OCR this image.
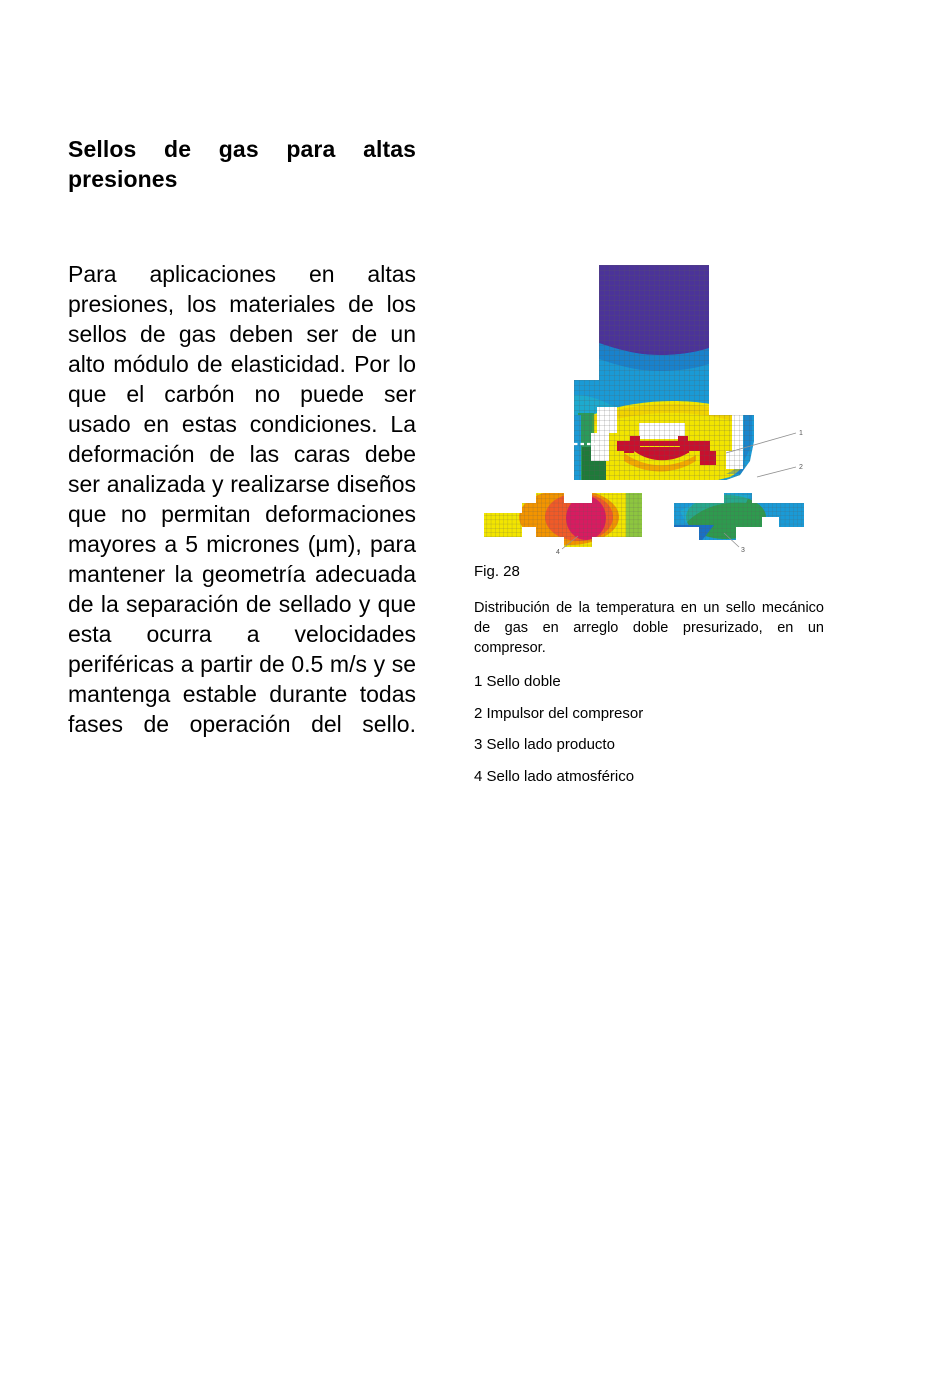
Sellos de gas para altas presiones

Para aplicaciones en altas presiones, los materiales de los sellos de gas deben ser de un alto módulo de elasticidad. Por lo que el carbón no puede ser usado en estas condiciones. La deformación de las caras debe ser analizada y realizarse diseños que no permitan deformaciones mayores a 5 micrones (μm), para mantener la geometría adecuada de la separación de sellado y que esta ocurra a velocidades periféricas a partir de 0.5 m/s y se mantenga estable durante todas fases de operación del sello.

1
2
4	3
Fig. 28
Distribución de la temperatura en un sello mecánico de gas en arreglo doble presurizado, en un compresor.
1 Sello doble
2 Impulsor del compresor
3 Sello lado producto
4 Sello lado atmosférico
